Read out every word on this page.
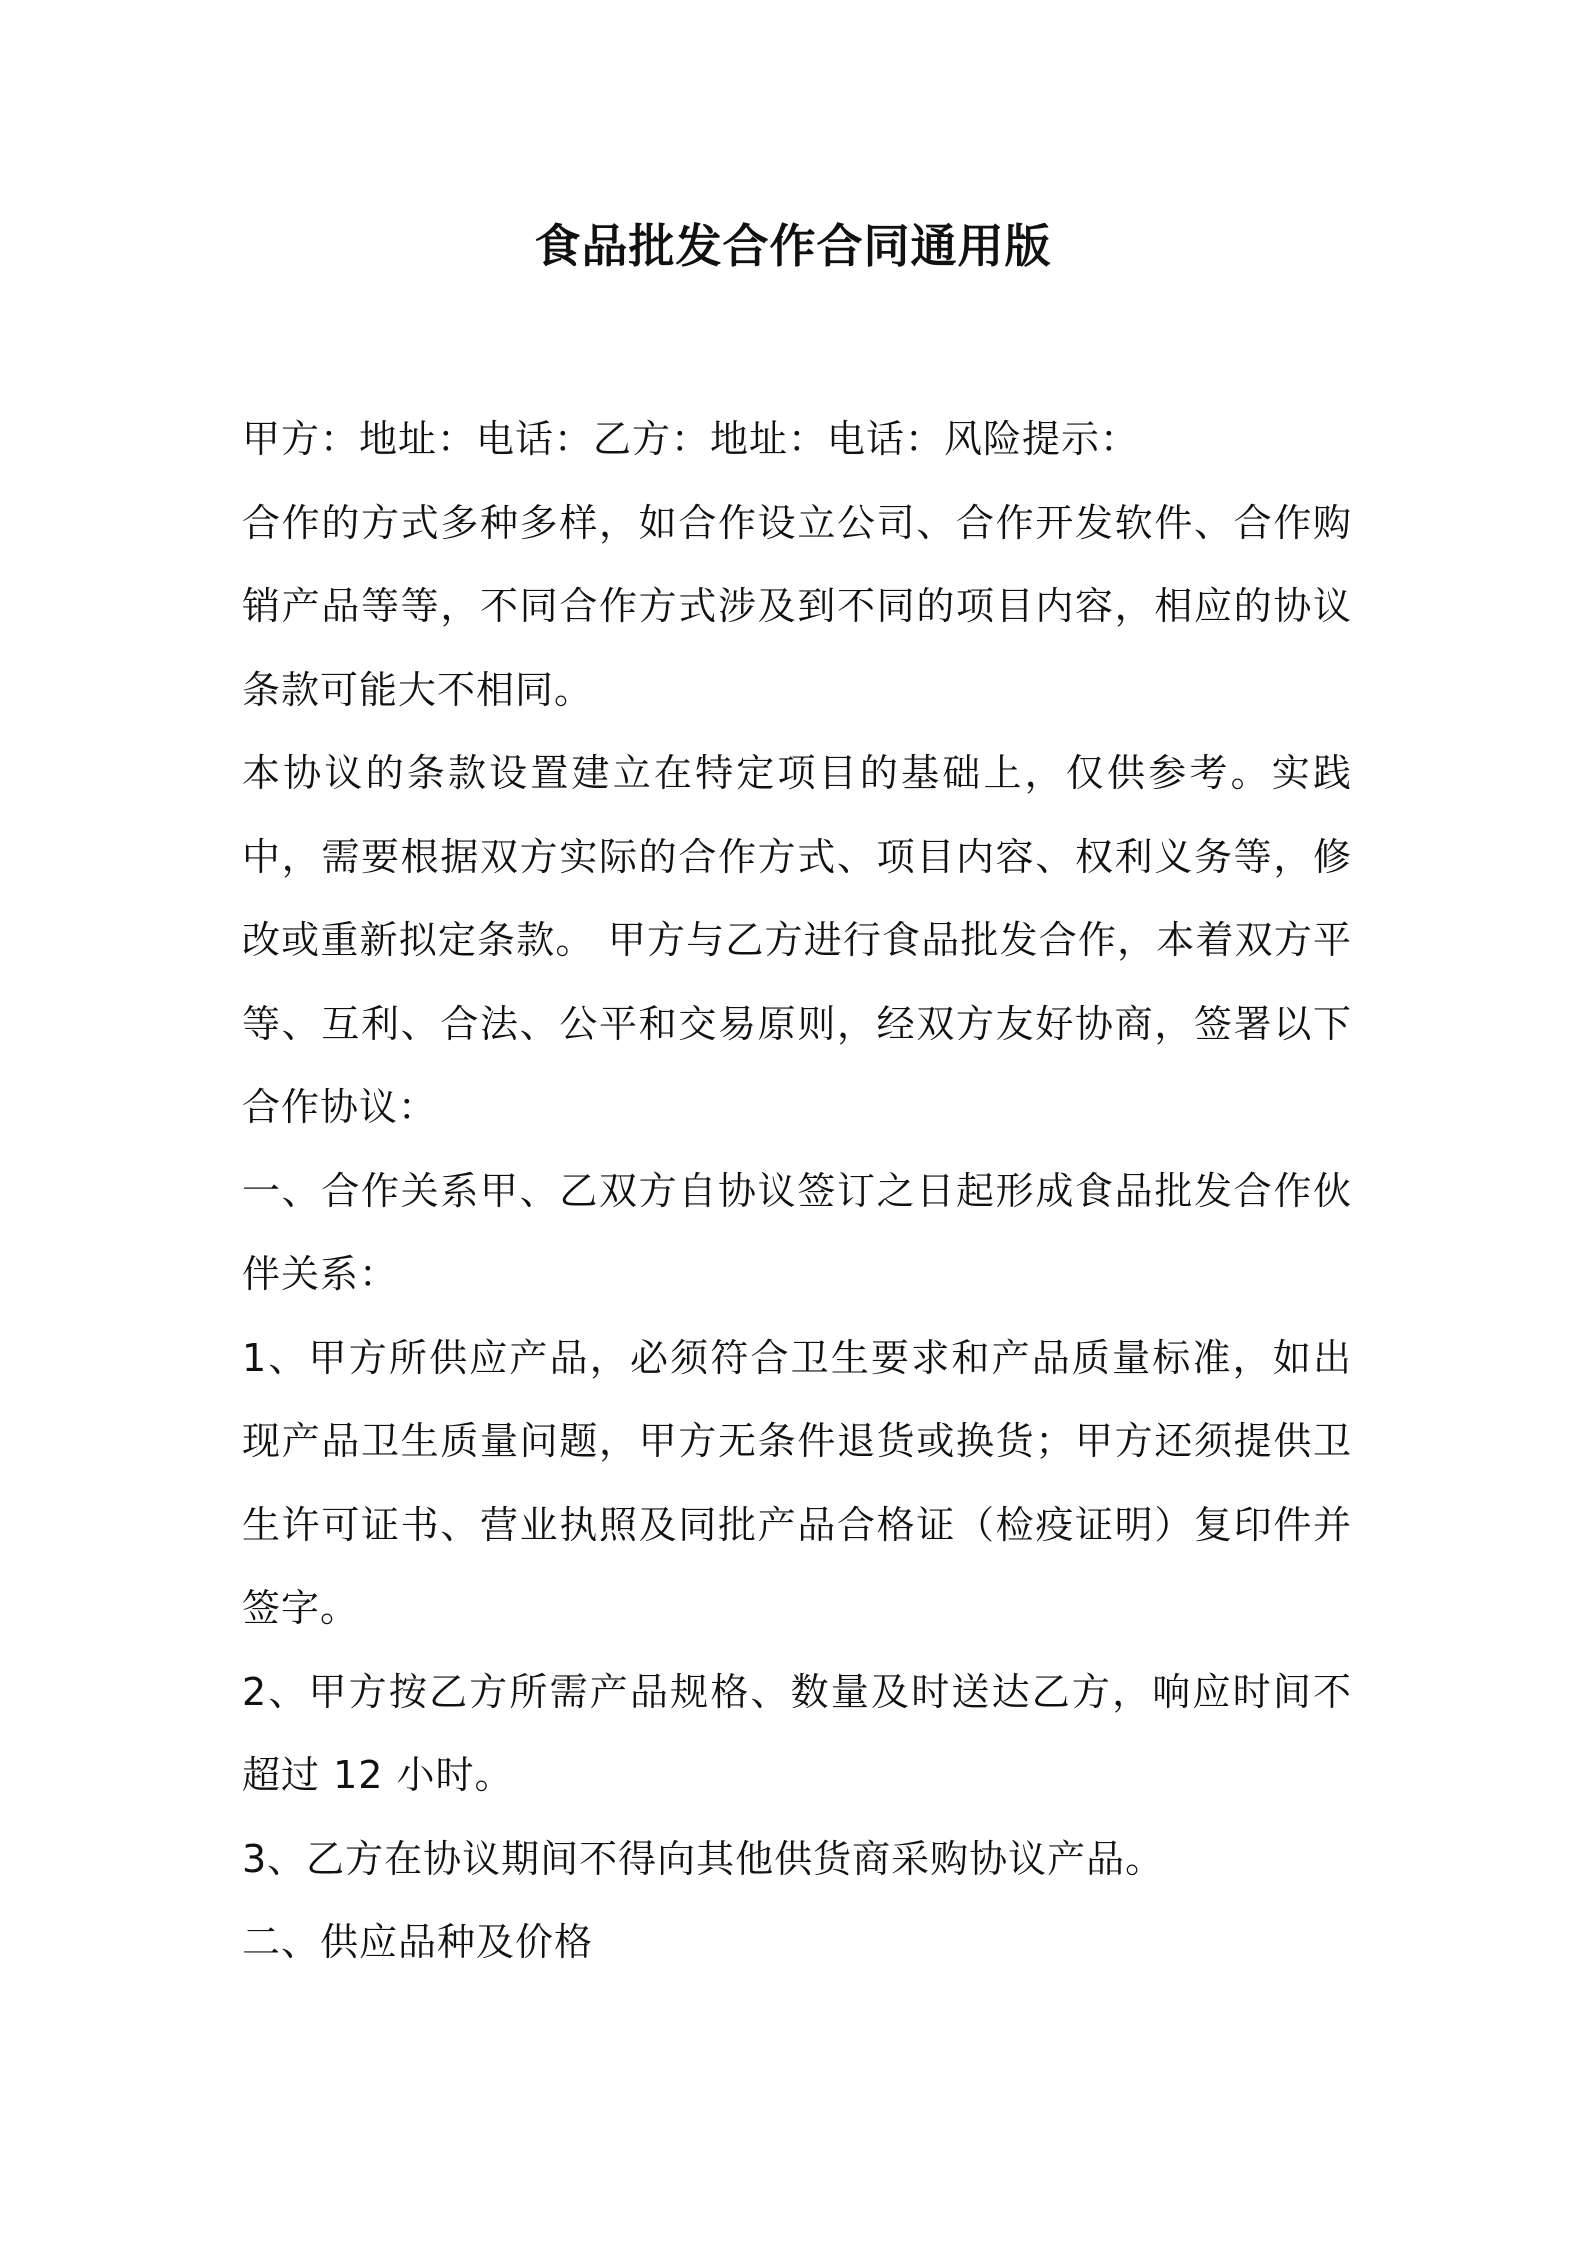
食品批发合作合同通用版

甲方：地址：电话：乙方：地址：电话：风险提示：

合作的方式多种多样，如合作设立公司、合作开发软件、合作购销产品等等，不同合作方式涉及到不同的项目内容，相应的协议条款可能大不相同。

本协议的条款设置建立在特定项目的基础上，仅供参考。实践中，需要根据双方实际的合作方式、项目内容、权利义务等，修改或重新拟定条款。 甲方与乙方进行食品批发合作，本着双方平等、互利、合法、公平和交易原则，经双方友好协商，签署以下合作协议：

一、合作关系甲、乙双方自协议签订之日起形成食品批发合作伙伴关系：

1、甲方所供应产品，必须符合卫生要求和产品质量标准，如出现产品卫生质量问题，甲方无条件退货或换货；甲方还须提供卫生许可证书、营业执照及同批产品合格证（检疫证明）复印件并签字。

2、甲方按乙方所需产品规格、数量及时送达乙方，响应时间不超过 12 小时。

3、乙方在协议期间不得向其他供货商采购协议产品。

二、供应品种及价格
